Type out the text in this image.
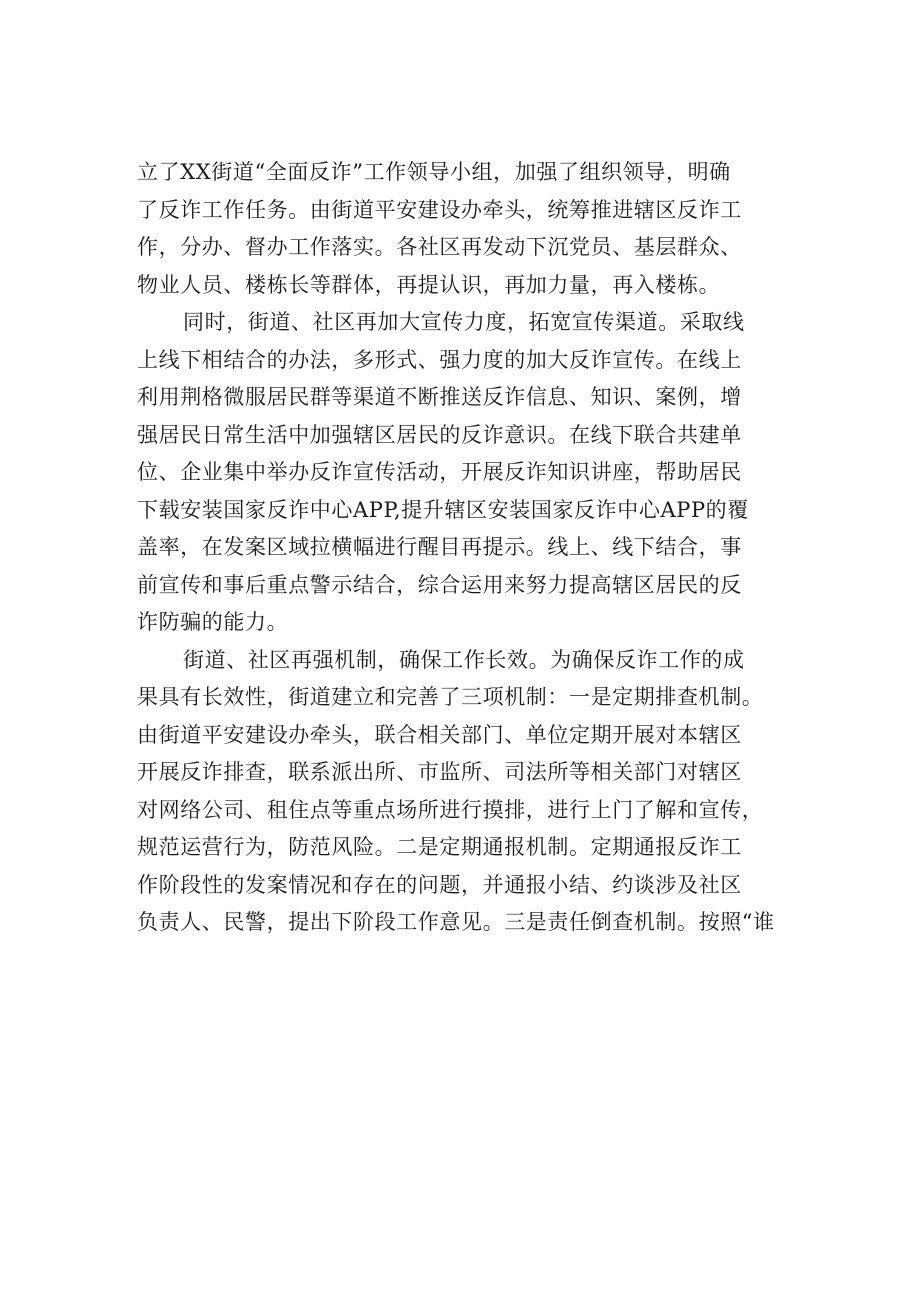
立了XX街道“全面反诈”工作领导小组，加强了组织领导，明确
了反诈工作任务。由街道平安建设办牵头，统筹推进辖区反诈工
作，分办、督办工作落实。各社区再发动下沉党员、基层群众、
物业人员、楼栋长等群体，再提认识，再加力量，再入楼栋。

同时，街道、社区再加大宣传力度，拓宽宣传渠道。采取线
上线下相结合的办法，多形式、强力度的加大反诈宣传。在线上
利用荆格微服居民群等渠道不断推送反诈信息、知识、案例，增
强居民日常生活中加强辖区居民的反诈意识。在线下联合共建单
位、企业集中举办反诈宣传活动，开展反诈知识讲座，帮助居民
下载安装国家反诈中心APP,提升辖区安装国家反诈中心APP的覆
盖率，在发案区域拉横幅进行醒目再提示。线上、线下结合，事
前宣传和事后重点警示结合，综合运用来努力提高辖区居民的反
诈防骗的能力。

街道、社区再强机制，确保工作长效。为确保反诈工作的成
果具有长效性，街道建立和完善了三项机制：一是定期排查机制。
由街道平安建设办牵头，联合相关部门、单位定期开展对本辖区
开展反诈排查，联系派出所、市监所、司法所等相关部门对辖区
对网络公司、租住点等重点场所进行摸排，进行上门了解和宣传，
规范运营行为，防范风险。二是定期通报机制。定期通报反诈工
作阶段性的发案情况和存在的问题，并通报小结、约谈涉及社区
负责人、民警，提出下阶段工作意见。三是责任倒查机制。按照“谁
